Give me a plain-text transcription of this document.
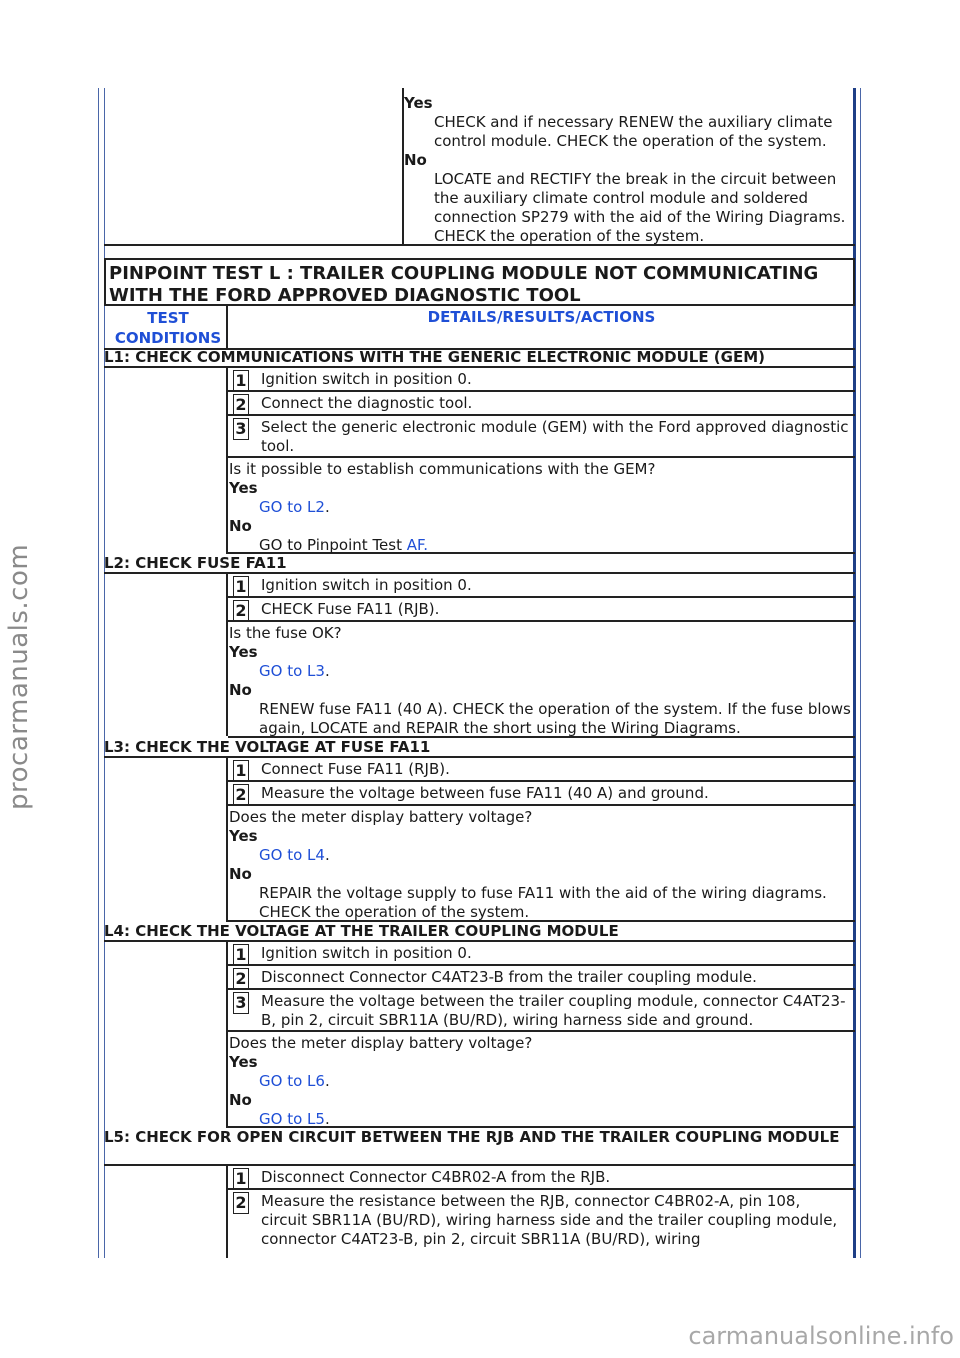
procarmanuals.com
carmanualsonline.info
Yes
CHECK and if necessary RENEW the auxiliary climate control module. CHECK the operation of the system.
No
LOCATE and RECTIFY the break in the circuit between the auxiliary climate control module and soldered connection SP279 with the aid of the Wiring Diagrams. CHECK the operation of the system.
PINPOINT TEST L : TRAILER COUPLING MODULE NOT COMMUNICATING WITH THE FORD APPROVED DIAGNOSTIC TOOL
TEST CONDITIONS
DETAILS/RESULTS/ACTIONS
L1: CHECK COMMUNICATIONS WITH THE GENERIC ELECTRONIC MODULE (GEM)
1 Ignition switch in position 0.
2 Connect the diagnostic tool.
3 Select the generic electronic module (GEM) with the Ford approved diagnostic tool.
Is it possible to establish communications with the GEM?
Yes
GO to L2.
No
GO to Pinpoint Test AF.
L2: CHECK FUSE FA11
1 Ignition switch in position 0.
2 CHECK Fuse FA11 (RJB).
Is the fuse OK?
Yes
GO to L3.
No
RENEW fuse FA11 (40 A). CHECK the operation of the system. If the fuse blows again, LOCATE and REPAIR the short using the Wiring Diagrams.
L3: CHECK THE VOLTAGE AT FUSE FA11
1 Connect Fuse FA11 (RJB).
2 Measure the voltage between fuse FA11 (40 A) and ground.
Does the meter display battery voltage?
Yes
GO to L4.
No
REPAIR the voltage supply to fuse FA11 with the aid of the wiring diagrams. CHECK the operation of the system.
L4: CHECK THE VOLTAGE AT THE TRAILER COUPLING MODULE
1 Ignition switch in position 0.
2 Disconnect Connector C4AT23-B from the trailer coupling module.
3 Measure the voltage between the trailer coupling module, connector C4AT23-B, pin 2, circuit SBR11A (BU/RD), wiring harness side and ground.
Does the meter display battery voltage?
Yes
GO to L6.
No
GO to L5.
L5: CHECK FOR OPEN CIRCUIT BETWEEN THE RJB AND THE TRAILER COUPLING MODULE
1 Disconnect Connector C4BR02-A from the RJB.
2 Measure the resistance between the RJB, connector C4BR02-A, pin 108, circuit SBR11A (BU/RD), wiring harness side and the trailer coupling module, connector C4AT23-B, pin 2, circuit SBR11A (BU/RD), wiring
